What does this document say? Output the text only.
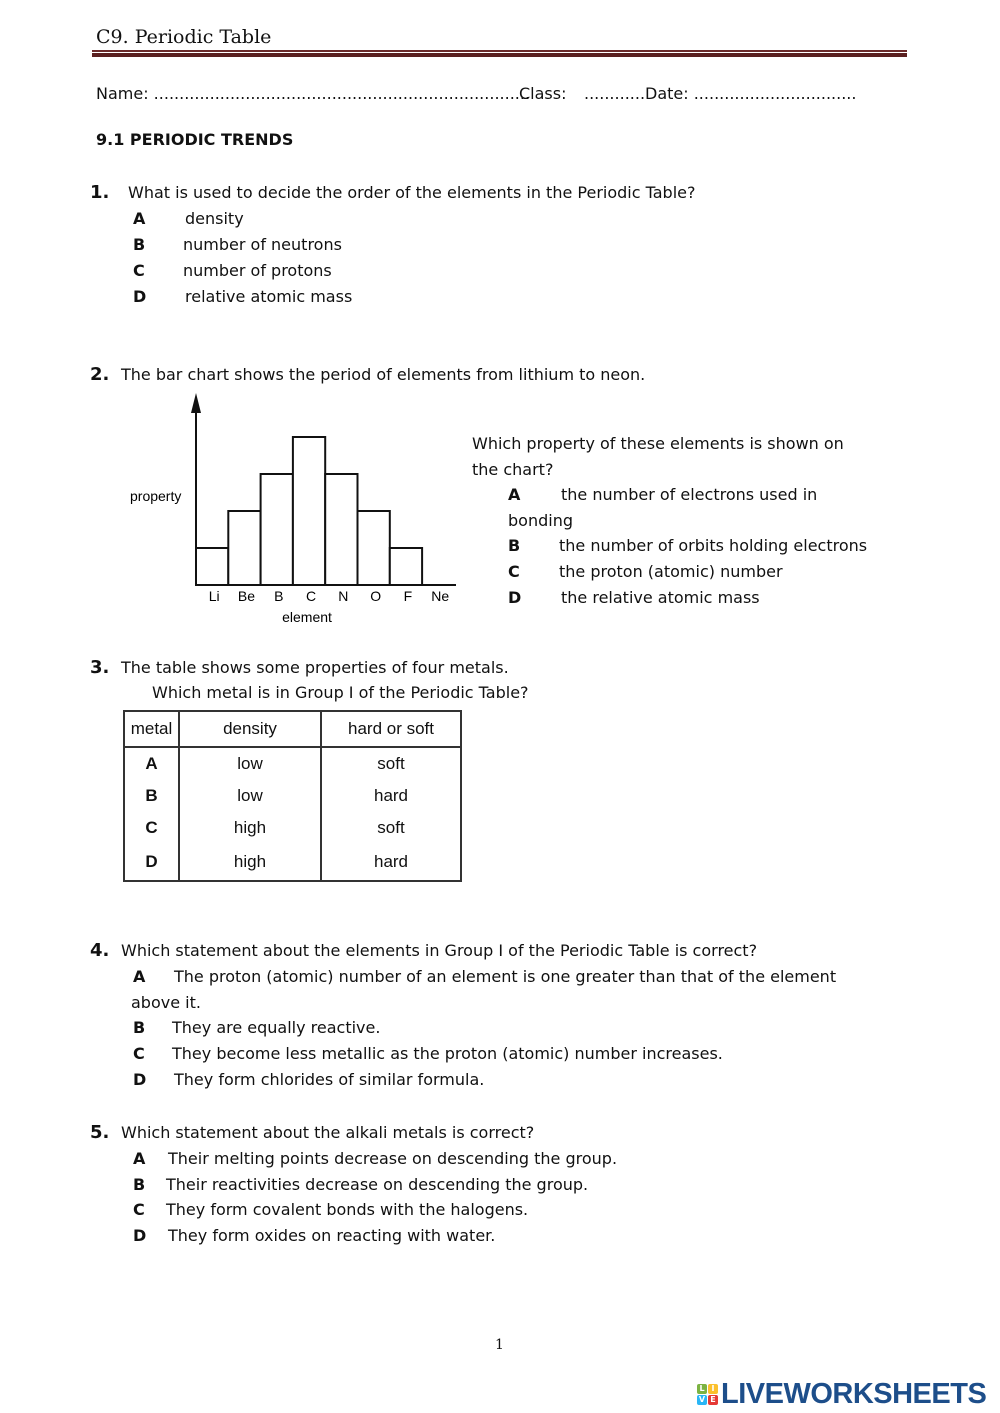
C9. Periodic Table
Name: ..........................................................................
Class: ............ Date: ................................
9.1 PERIODIC TRENDS
1. What is used to decide the order of the elements in the Periodic Table?
A density
B number of neutrons
C number of protons
D relative atomic mass
2. The bar chart shows the period of elements from lithium to neon.
property
element
Li Be B C N O F Ne
Which property of these elements is shown on
the chart?
A	the number of electrons used in
bonding
B the number of orbits holding electrons
C the proton (atomic) number
D the relative atomic mass
3. The table shows some properties of four metals.
Which metal is in Group I of the Periodic Table?
metal	density	hard or soft
A	low	soft
B	low	hard
C	high	soft
D	high	hard
4. Which statement about the elements in Group I of the Periodic Table is correct?
A The proton (atomic) number of an element is one greater than that of the element
above it.
B They are equally reactive.
C They become less metallic as the proton (atomic) number increases.
D They form chlorides of similar formula.
5. Which statement about the alkali metals is correct?
A Their melting points decrease on descending the group.
B Their reactivities decrease on descending the group.
C They form covalent bonds with the halogens.
D They form oxides on reacting with water.
1
L I
V E LIVEWORKSHEETS
